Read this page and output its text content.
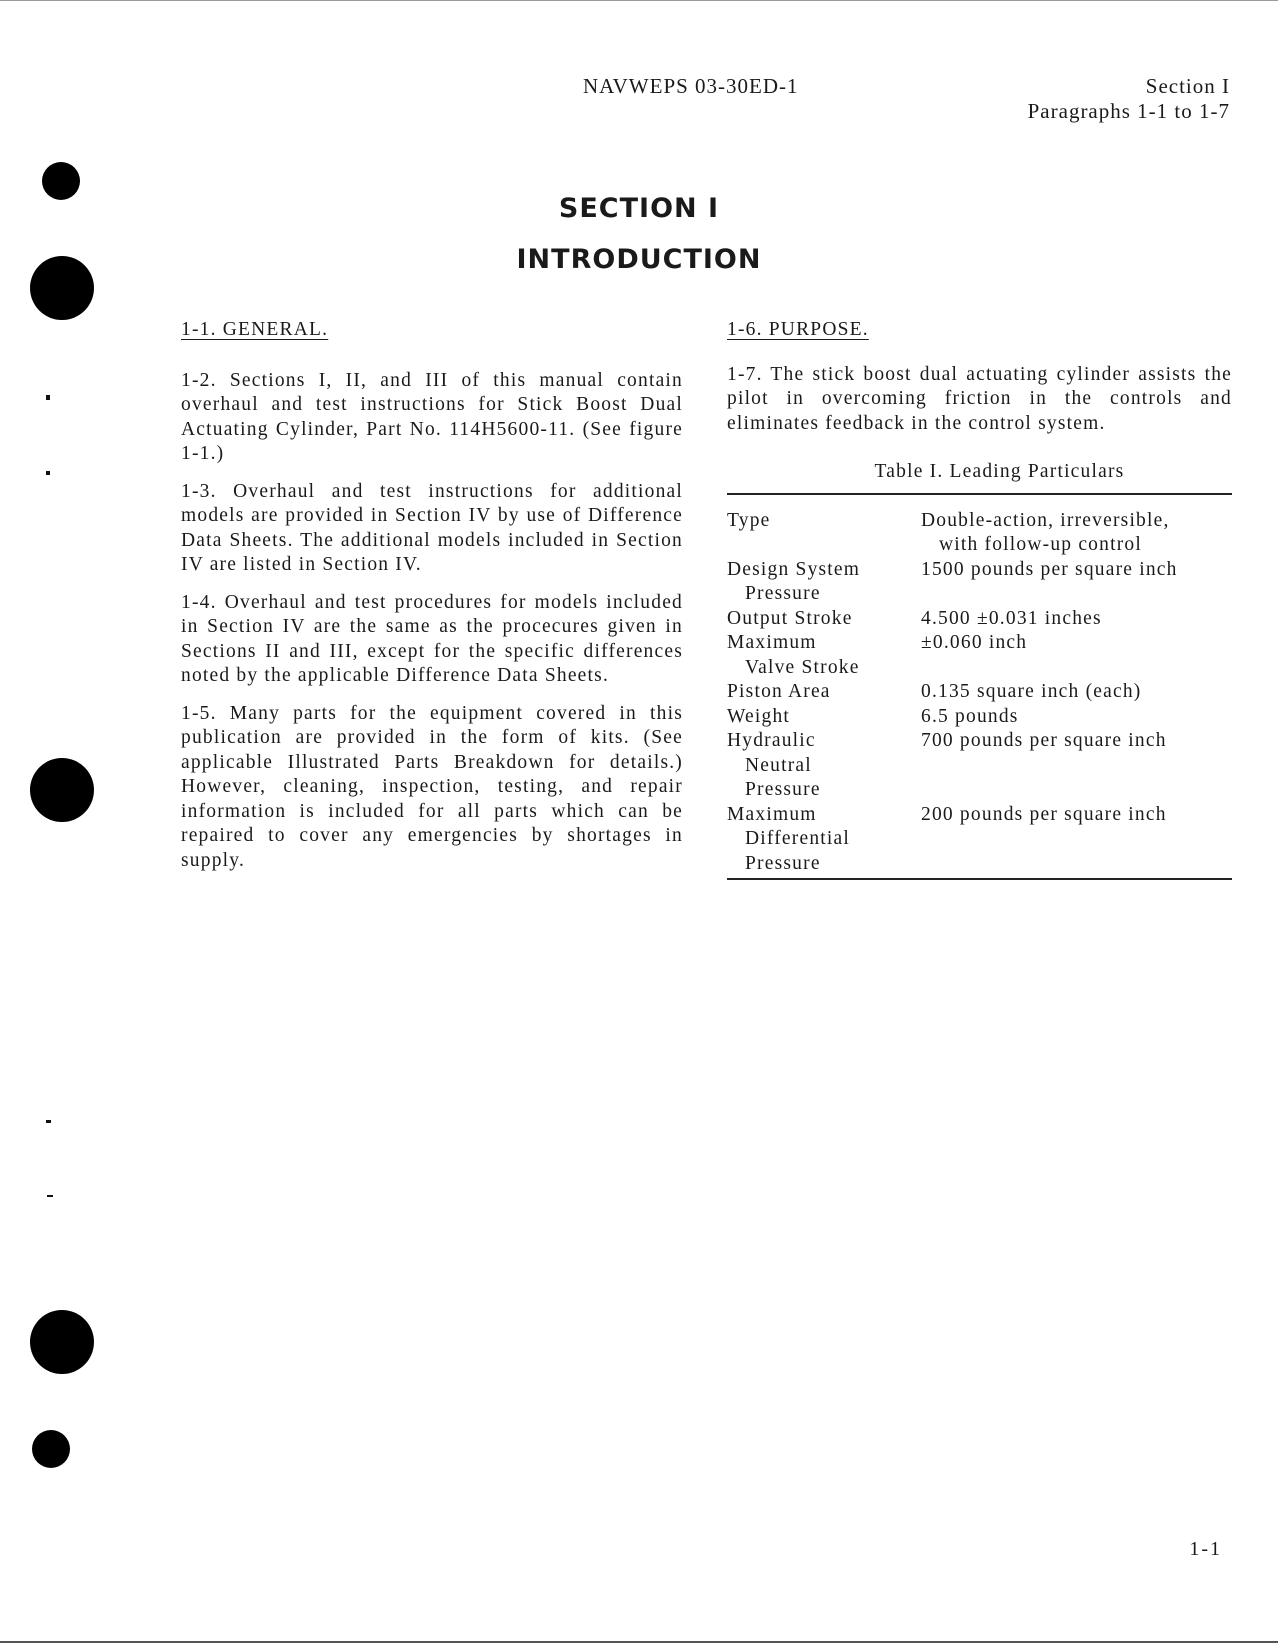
NAVWEPS 03-30ED-1	Section I
Paragraphs 1-1 to 1-7
SECTION I
INTRODUCTION
1-1. GENERAL.

1-2. Sections I, II, and III of this manual contain overhaul and test instructions for Stick Boost Dual Actuating Cylinder, Part No. 114H5600-11. (See figure 1-1.)

1-3. Overhaul and test instructions for additional models are provided in Section IV by use of Difference Data Sheets. The additional models included in Section IV are listed in Section IV.

1-4. Overhaul and test procedures for models included in Section IV are the same as the procecures given in Sections II and III, except for the specific differences noted by the applicable Difference Data Sheets.

1-5. Many parts for the equipment covered in this publication are provided in the form of kits. (See applicable Illustrated Parts Breakdown for details.) However, cleaning, inspection, testing, and repair information is included for all parts which can be repaired to cover any emergencies by shortages in supply.

1-6. PURPOSE.

1-7. The stick boost dual actuating cylinder assists the pilot in overcoming friction in the controls and eliminates feedback in the control system.

Table I. Leading Particulars
Type	Double-action, irreversible,
with follow-up control

Design System
Pressure	1500 pounds per square inch

Output Stroke	4.500 ±0.031 inches

Maximum
Valve Stroke	±0.060 inch

Piston Area	0.135 square inch (each)

Weight	6.5 pounds

Hydraulic
Neutral
Pressure	700 pounds per square inch

Maximum
Differential
Pressure	200 pounds per square inch
1-1
